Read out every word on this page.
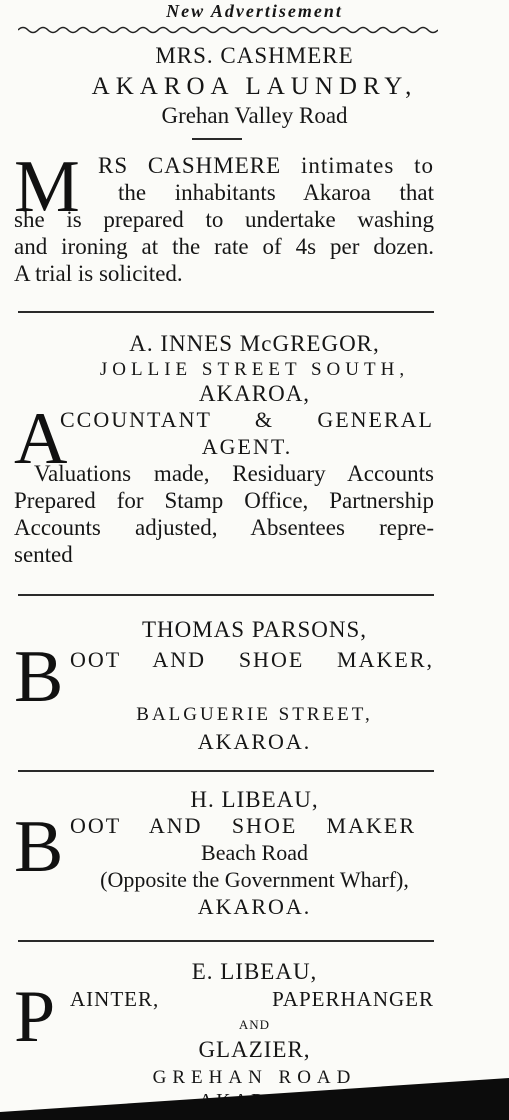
New Advertisement
MRS. CASHMERE
AKAROA LAUNDRY,
Grehan Valley Road
M RS CASHMERE intimates to
the inhabitants Akaroa that
she is prepared to undertake washing
and ironing at the rate of 4s per dozen.
A trial is solicited.
A. INNES McGREGOR,
JOLLIE STREET SOUTH,
AKAROA,
A
CCOUNTANT & GENERAL
AGENT.
Valuations made, Residuary Accounts
Prepared for Stamp Office, Partnership
Accounts adjusted, Absentees repre-
sented
THOMAS PARSONS,
B OOT AND SHOE MAKER,
BALGUERIE STREET,
AKAROA.
H. LIBEAU,
B OOT AND SHOE MAKER
Beach Road
(Opposite the Government Wharf),
AKAROA.
E. LIBEAU,
P AINTER, PAPERHANGER
AND
GLAZIER,
GREHAN ROAD
